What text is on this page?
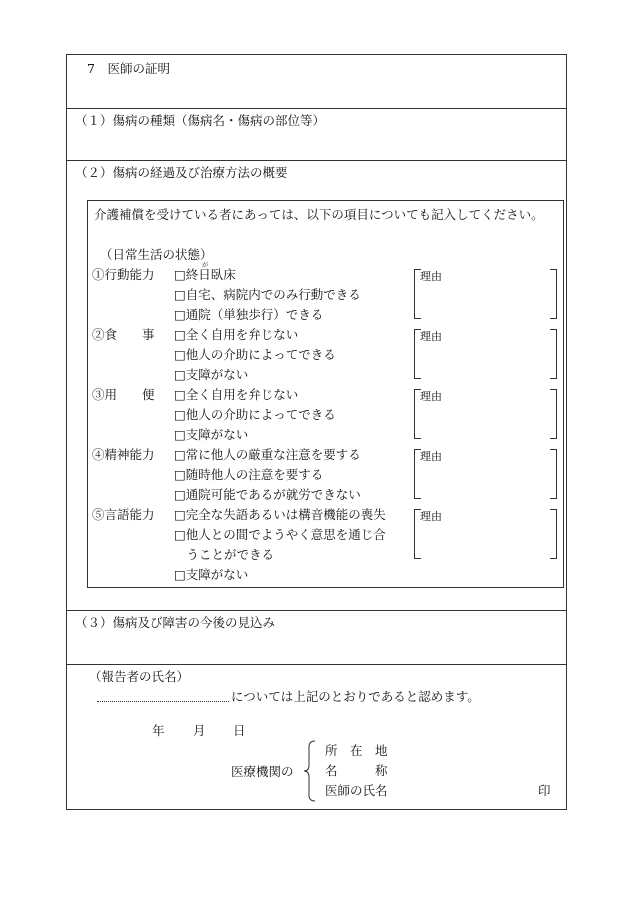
7　医師の証明
（１）傷病の種類（傷病名・傷病の部位等）
（２）傷病の経過及び治療方法の概要
介護補償を受けている者にあっては、以下の項目についても記入してください。
（日常生活の状態）
が
①行動能力 □終日臥床
□自宅、病院内でのみ行動できる
□通院（単独歩行）できる
②食　　事 □全く自用を弁じない
□他人の介助によってできる
□支障がない
③用　　便 □全く自用を弁じない
□他人の介助によってできる
□支障がない
④精神能力 □常に他人の厳重な注意を要する
□随時他人の注意を要する
□通院可能であるが就労できない
⑤言語能力 □完全な失語あるいは構音機能の喪失
□他人との間でようやく意思を通じ合
　うことができる
□支障がない
理由
理由
理由
理由
理由
（３）傷病及び障害の今後の見込み
（報告者の氏名）
については上記のとおりであると認めます。
年 月 日
医療機関の
所　在　地
名　　　称
医師の氏名	印
